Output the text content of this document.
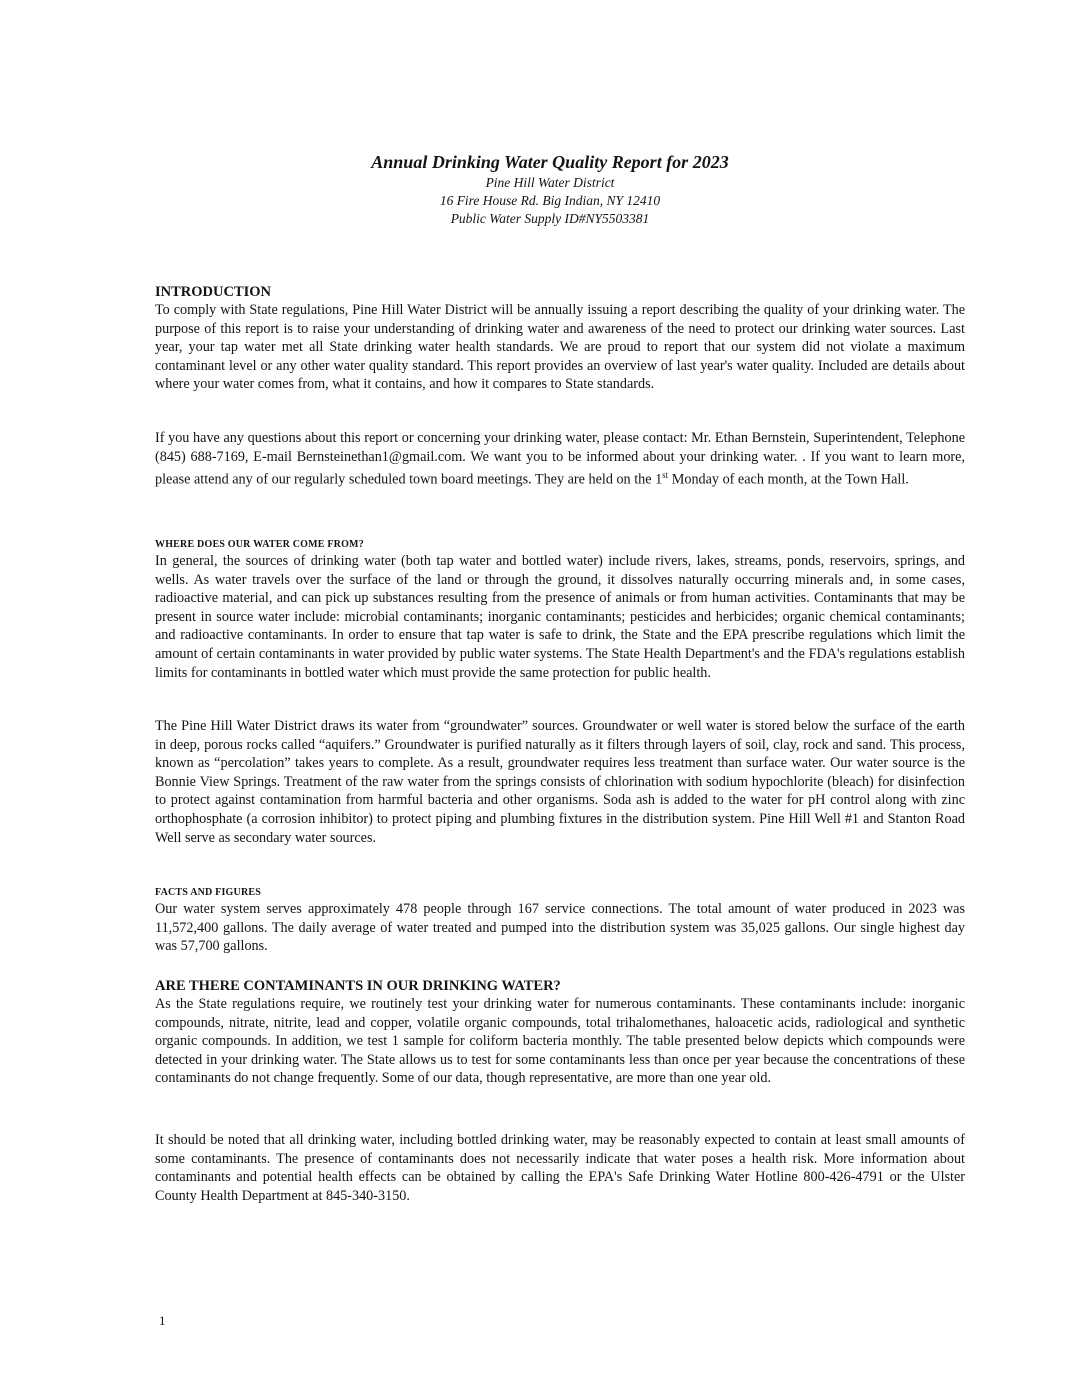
Annual Drinking Water Quality Report for 2023
Pine Hill Water District
16 Fire House Rd. Big Indian, NY 12410
Public Water Supply ID#NY5503381
INTRODUCTION
To comply with State regulations, Pine Hill Water District will be annually issuing a report describing the quality of your drinking water. The purpose of this report is to raise your understanding of drinking water and awareness of the need to protect our drinking water sources. Last year, your tap water met all State drinking water health standards. We are proud to report that our system did not violate a maximum contaminant level or any other water quality standard. This report provides an overview of last year's water quality. Included are details about where your water comes from, what it contains, and how it compares to State standards.
If you have any questions about this report or concerning your drinking water, please contact: Mr. Ethan Bernstein, Superintendent, Telephone (845) 688-7169, E-mail Bernsteinethan1@gmail.com. We want you to be informed about your drinking water. . If you want to learn more, please attend any of our regularly scheduled town board meetings. They are held on the 1st Monday of each month, at the Town Hall.
WHERE DOES OUR WATER COME FROM?
In general, the sources of drinking water (both tap water and bottled water) include rivers, lakes, streams, ponds, reservoirs, springs, and wells. As water travels over the surface of the land or through the ground, it dissolves naturally occurring minerals and, in some cases, radioactive material, and can pick up substances resulting from the presence of animals or from human activities. Contaminants that may be present in source water include: microbial contaminants; inorganic contaminants; pesticides and herbicides; organic chemical contaminants; and radioactive contaminants. In order to ensure that tap water is safe to drink, the State and the EPA prescribe regulations which limit the amount of certain contaminants in water provided by public water systems. The State Health Department's and the FDA's regulations establish limits for contaminants in bottled water which must provide the same protection for public health.
The Pine Hill Water District draws its water from “groundwater” sources. Groundwater or well water is stored below the surface of the earth in deep, porous rocks called “aquifers.” Groundwater is purified naturally as it filters through layers of soil, clay, rock and sand. This process, known as “percolation” takes years to complete. As a result, groundwater requires less treatment than surface water. Our water source is the Bonnie View Springs. Treatment of the raw water from the springs consists of chlorination with sodium hypochlorite (bleach) for disinfection to protect against contamination from harmful bacteria and other organisms. Soda ash is added to the water for pH control along with zinc orthophosphate (a corrosion inhibitor) to protect piping and plumbing fixtures in the distribution system. Pine Hill Well #1 and Stanton Road Well serve as secondary water sources.
FACTS AND FIGURES
Our water system serves approximately 478 people through 167 service connections. The total amount of water produced in 2023 was 11,572,400 gallons. The daily average of water treated and pumped into the distribution system was 35,025 gallons. Our single highest day was 57,700 gallons.
ARE THERE CONTAMINANTS IN OUR DRINKING WATER?
As the State regulations require, we routinely test your drinking water for numerous contaminants. These contaminants include: inorganic compounds, nitrate, nitrite, lead and copper, volatile organic compounds, total trihalomethanes, haloacetic acids, radiological and synthetic organic compounds. In addition, we test 1 sample for coliform bacteria monthly. The table presented below depicts which compounds were detected in your drinking water. The State allows us to test for some contaminants less than once per year because the concentrations of these contaminants do not change frequently. Some of our data, though representative, are more than one year old.
It should be noted that all drinking water, including bottled drinking water, may be reasonably expected to contain at least small amounts of some contaminants. The presence of contaminants does not necessarily indicate that water poses a health risk. More information about contaminants and potential health effects can be obtained by calling the EPA's Safe Drinking Water Hotline 800-426-4791 or the Ulster County Health Department at 845-340-3150.
1
